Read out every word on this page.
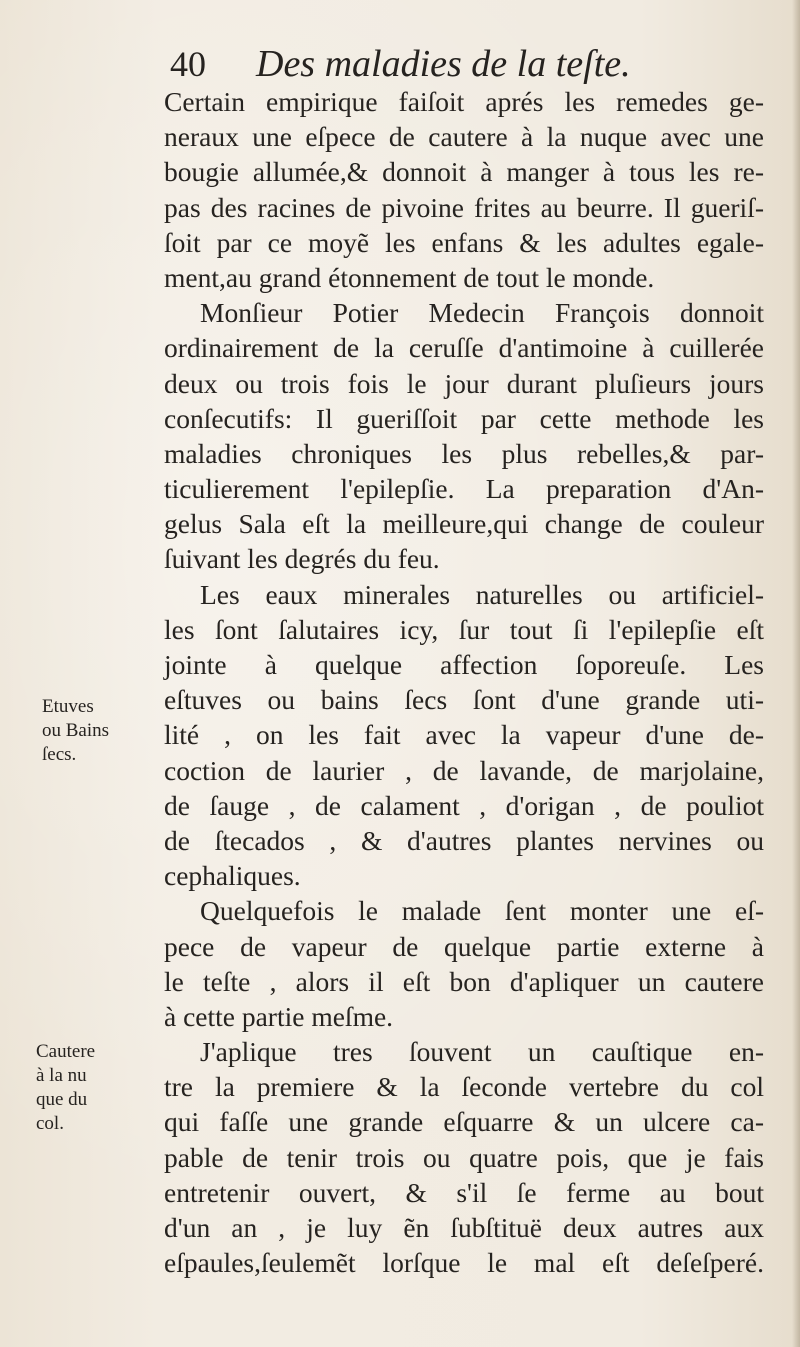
40 Des maladies de la teſte.
Certain empirique faiſoit aprés les remedes ge-
neraux une eſpece de cautere à la nuque avec une
bougie allumée,& donnoit à manger à tous les re-
pas des racines de pivoine frites au beurre. Il gueriſ-
ſoit par ce moyẽ les enfans & les adultes egale-
ment,au grand étonnement de tout le monde.
Monſieur Potier Medecin François donnoit
ordinairement de la ceruſſe d'antimoine à cuillerée
deux ou trois fois le jour durant pluſieurs jours
conſecutifs: Il gueriſſoit par cette methode les
maladies chroniques les plus rebelles,& par-
ticulierement l'epilepſie. La preparation d'An-
gelus Sala eſt la meilleure,qui change de couleur
ſuivant les degrés du feu.
Les eaux minerales naturelles ou artificiel-
les ſont ſalutaires icy, ſur tout ſi l'epilepſie eſt
jointe à quelque affection ſoporeuſe. Les
eſtuves ou bains ſecs ſont d'une grande uti-
lité , on les fait avec la vapeur d'une de-
coction de laurier , de lavande, de marjolaine,
de ſauge , de calament , d'origan , de pouliot
de ſtecados , & d'autres plantes nervines ou
cephaliques.
Quelquefois le malade ſent monter une eſ-
pece de vapeur de quelque partie externe à
le teſte , alors il eſt bon d'apliquer un cautere
à cette partie meſme.
J'aplique tres ſouvent un cauſtique en-
tre la premiere & la ſeconde vertebre du col
qui faſſe une grande eſquarre & un ulcere ca-
pable de tenir trois ou quatre pois, que je fais
entretenir ouvert, & s'il ſe ferme au bout
d'un an , je luy ẽn ſubſtituë deux autres aux
eſpaules,ſeulemẽt lorſque le mal eſt deſeſperé.
Etuves
ou Bains
ſecs.
Cautere
à la nu
que du
col.
